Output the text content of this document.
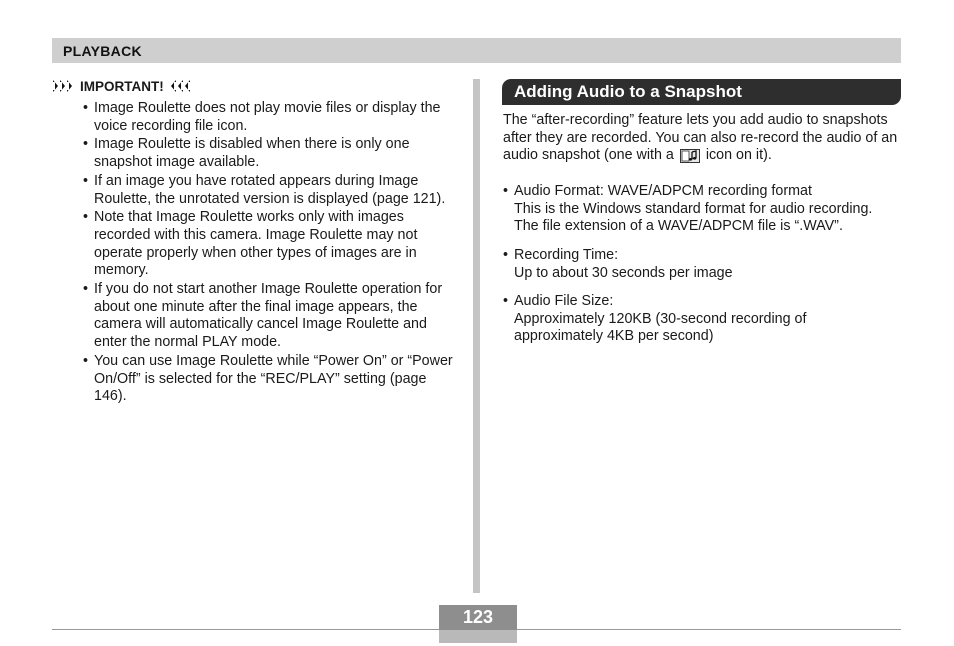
PLAYBACK
IMPORTANT!
• Image Roulette does not play movie files or display the voice recording file icon.
• Image Roulette is disabled when there is only one snapshot image available.
• If an image you have rotated appears during Image Roulette, the unrotated version is displayed (page 121).
• Note that Image Roulette works only with images recorded with this camera. Image Roulette may not operate properly when other types of images are in memory.
• If you do not start another Image Roulette operation for about one minute after the final image appears, the camera will automatically cancel Image Roulette and enter the normal PLAY mode.
• You can use Image Roulette while “Power On” or “Power On/Off” is selected for the “REC/PLAY” setting (page 146).
Adding Audio to a Snapshot

The “after-recording” feature lets you add audio to snapshots after they are recorded. You can also re-record the audio of an audio snapshot (one with a icon on it).

• Audio Format: WAVE/ADPCM recording format
This is the Windows standard format for audio recording. The file extension of a WAVE/ADPCM file is “.WAV”.
• Recording Time:
Up to about 30 seconds per image
• Audio File Size:
Approximately 120KB (30-second recording of approximately 4KB per second)
123
